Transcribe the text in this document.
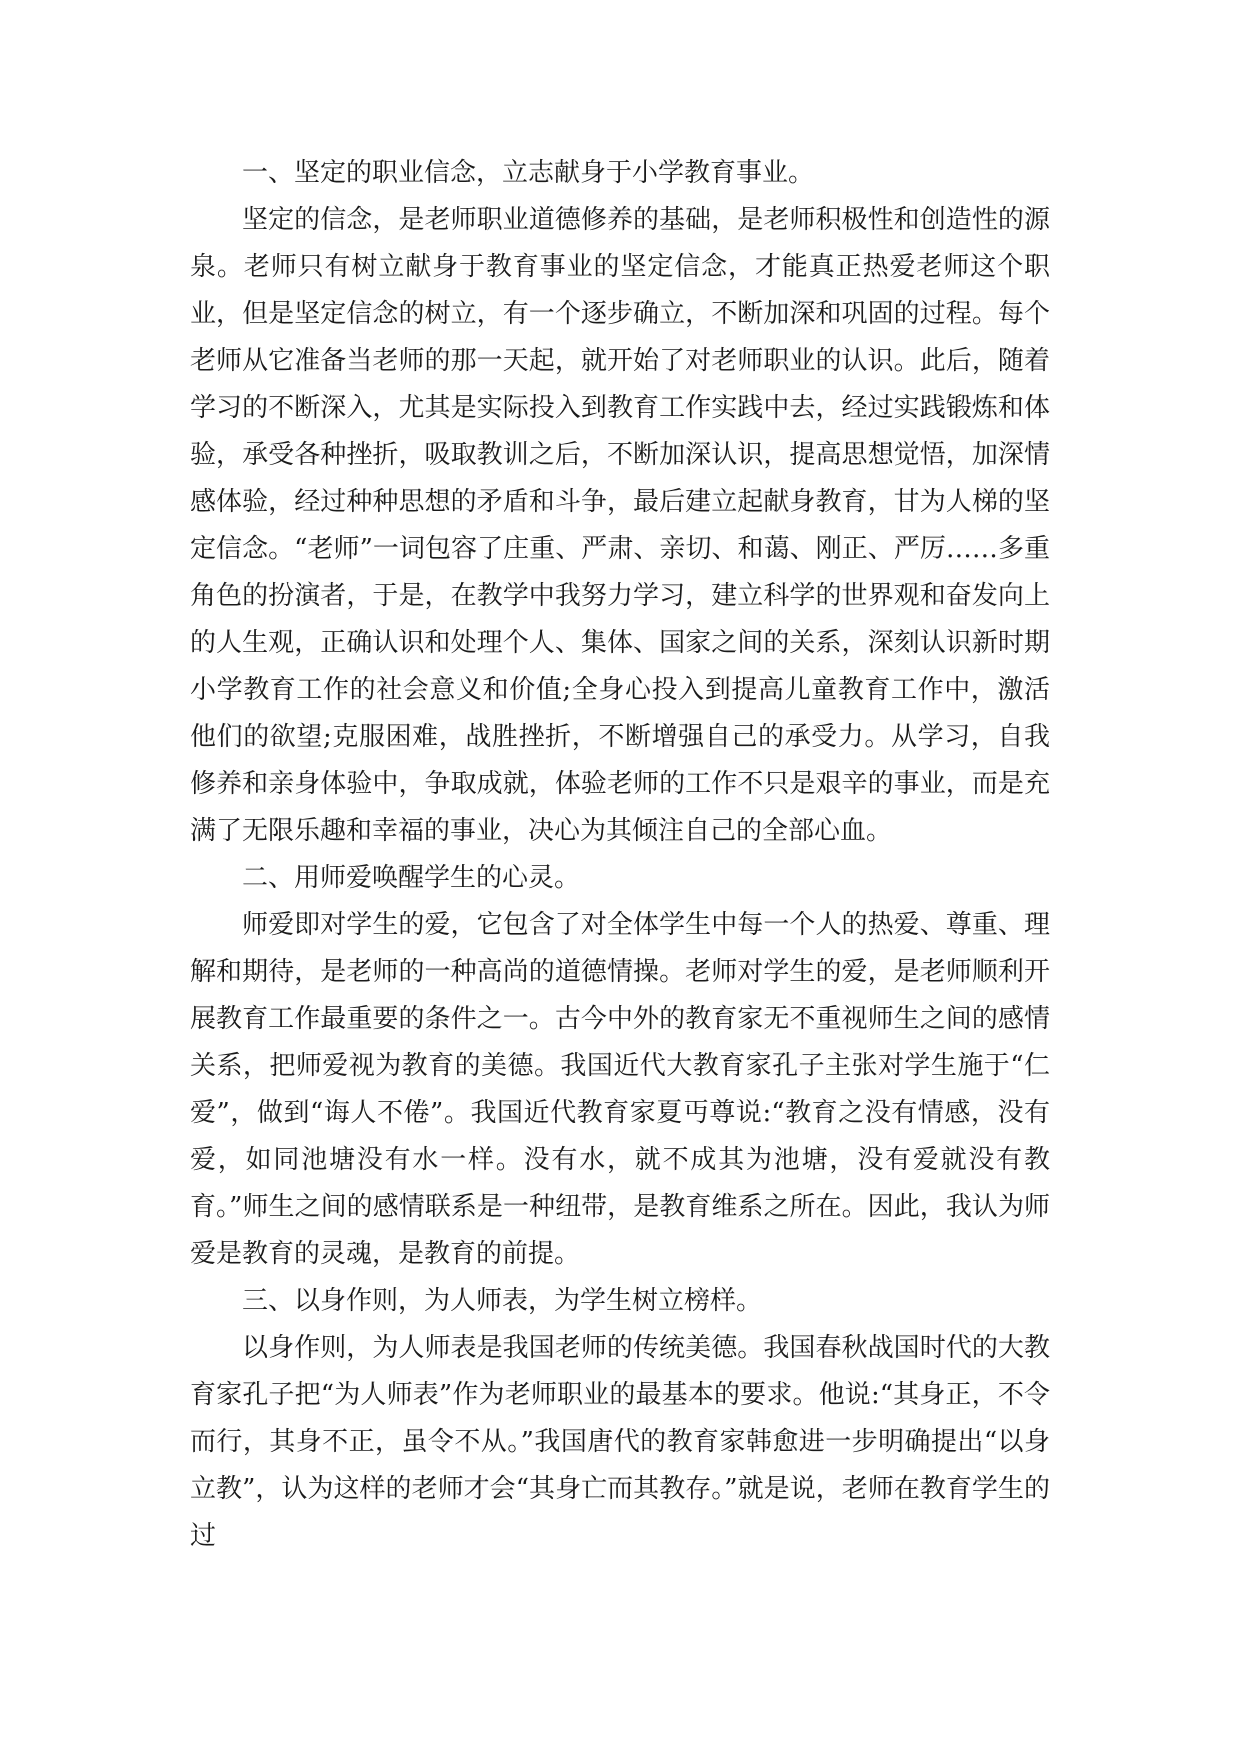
一、坚定的职业信念，立志献身于小学教育事业。

坚定的信念，是老师职业道德修养的基础，是老师积极性和创造性的源泉。老师只有树立献身于教育事业的坚定信念，才能真正热爱老师这个职业，但是坚定信念的树立，有一个逐步确立，不断加深和巩固的过程。每个老师从它准备当老师的那一天起，就开始了对老师职业的认识。此后，随着学习的不断深入，尤其是实际投入到教育工作实践中去，经过实践锻炼和体验，承受各种挫折，吸取教训之后，不断加深认识，提高思想觉悟，加深情感体验，经过种种思想的矛盾和斗争，最后建立起献身教育，甘为人梯的坚定信念。“老师”一词包容了庄重、严肃、亲切、和蔼、刚正、严厉……多重角色的扮演者，于是，在教学中我努力学习，建立科学的世界观和奋发向上的人生观，正确认识和处理个人、集体、国家之间的关系，深刻认识新时期小学教育工作的社会意义和价值;全身心投入到提高儿童教育工作中，激活他们的欲望;克服困难，战胜挫折，不断增强自己的承受力。从学习，自我修养和亲身体验中，争取成就，体验老师的工作不只是艰辛的事业，而是充满了无限乐趣和幸福的事业，决心为其倾注自己的全部心血。

二、用师爱唤醒学生的心灵。

师爱即对学生的爱，它包含了对全体学生中每一个人的热爱、尊重、理解和期待，是老师的一种高尚的道德情操。老师对学生的爱，是老师顺利开展教育工作最重要的条件之一。古今中外的教育家无不重视师生之间的感情关系，把师爱视为教育的美德。我国近代大教育家孔子主张对学生施于“仁爱”，做到“诲人不倦”。我国近代教育家夏丏尊说:“教育之没有情感，没有爱，如同池塘没有水一样。没有水，就不成其为池塘，没有爱就没有教育。”师生之间的感情联系是一种纽带，是教育维系之所在。因此，我认为师爱是教育的灵魂，是教育的前提。

三、以身作则，为人师表，为学生树立榜样。

以身作则，为人师表是我国老师的传统美德。我国春秋战国时代的大教育家孔子把“为人师表”作为老师职业的最基本的要求。他说:“其身正，不令而行，其身不正，虽令不从。”我国唐代的教育家韩愈进一步明确提出“以身立教”，认为这样的老师才会“其身亡而其教存。”就是说，老师在教育学生的过
